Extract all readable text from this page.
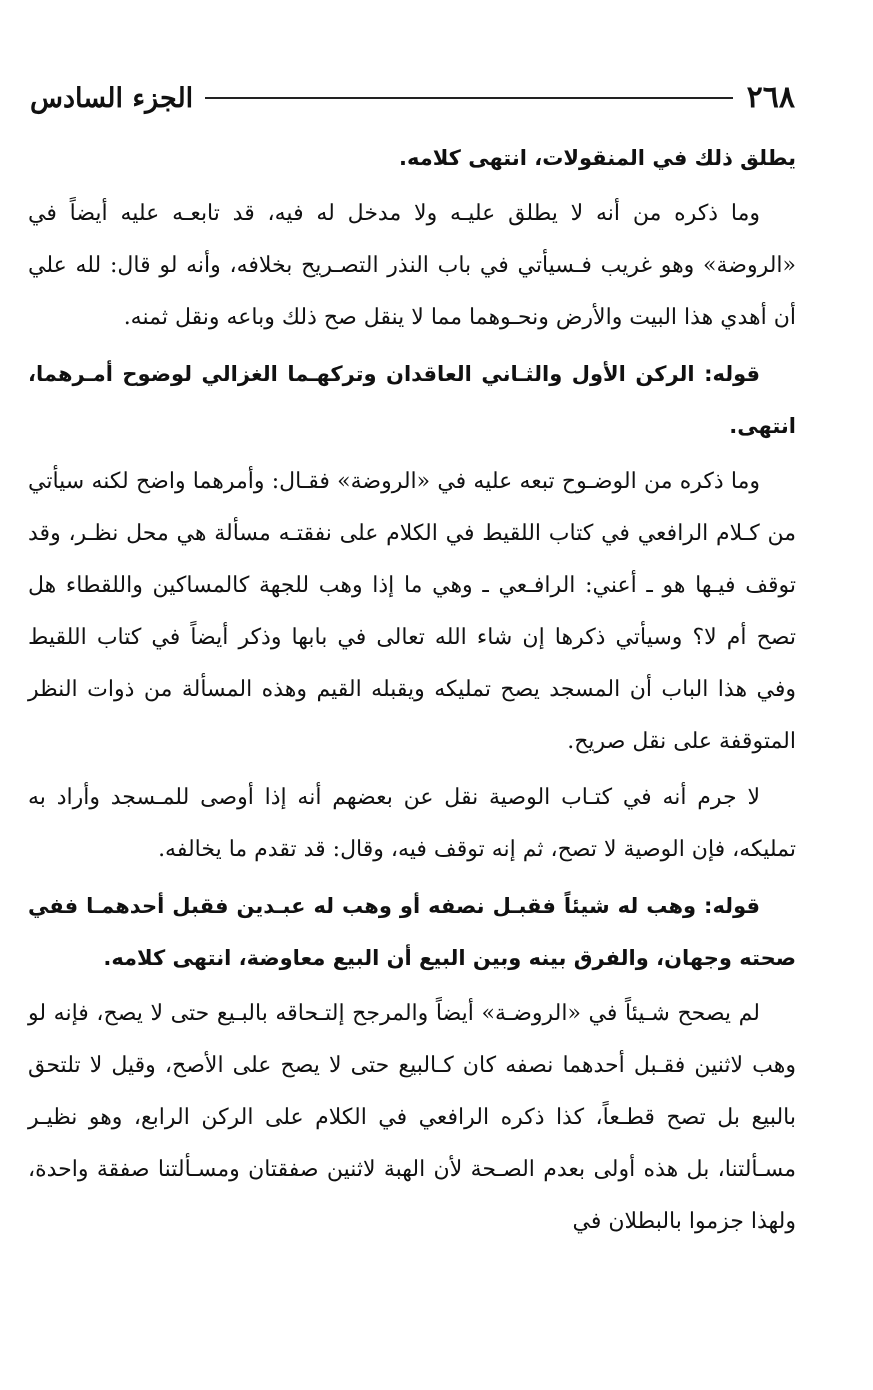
٢٦٨
الجزء السادس

يطلق ذلك في المنقولات، انتهى كلامه.

وما ذكره من أنه لا يطلق عليـه ولا مدخل له فيه، قد تابعـه عليه أيضاً في «الروضة» وهو غريب فـسيأتي في باب النذر التصـريح بخلافه، وأنه لو قال: لله علي أن أهدي هذا البيت والأرض ونحـوهما مما لا ينقل صح ذلك وباعه ونقل ثمنه.

قوله: الركن الأول والثـاني العاقدان وتركهـما الغزالي لوضوح أمـرهما، انتهى.

وما ذكره من الوضـوح تبعه عليه في «الروضة» فقـال: وأمرهما واضح لكنه سيأتي من كـلام الرافعي في كتاب اللقيط في الكلام على نفقتـه مسألة هي محل نظـر، وقد توقف فيـها هو ـ أعني: الرافـعي ـ وهي ما إذا وهب للجهة كالمساكين واللقطاء هل تصح أم لا؟ وسيأتي ذكرها إن شاء الله تعالى في بابها وذكر أيضاً في كتاب اللقيط وفي هذا الباب أن المسجد يصح تمليكه ويقبله القيم وهذه المسألة من ذوات النظر المتوقفة على نقل صريح.

لا جرم أنه في كتـاب الوصية نقل عن بعضهم أنه إذا أوصى للمـسجد وأراد به تمليكه، فإن الوصية لا تصح، ثم إنه توقف فيه، وقال: قد تقدم ما يخالفه.

قوله: وهب له شيئاً فقبـل نصفه أو وهب له عبـدين فقبل أحدهمـا ففي صحته وجهان، والفرق بينه وبين البيع أن البيع معاوضة، انتهى كلامه.

لم يصحح شـيئاً في «الروضـة» أيضاً والمرجح إلتـحاقه بالبـيع حتى لا يصح، فإنه لو وهب لاثنين فقـبل أحدهما نصفه كان كـالبيع حتى لا يصح على الأصح، وقيل لا تلتحق بالبيع بل تصح قطـعاً، كذا ذكره الرافعي في الكلام على الركن الرابع، وهو نظيـر مسـألتنا، بل هذه أولى بعدم الصـحة لأن الهبة لاثنين صفقتان ومسـألتنا صفقة واحدة، ولهذا جزموا بالبطلان في
